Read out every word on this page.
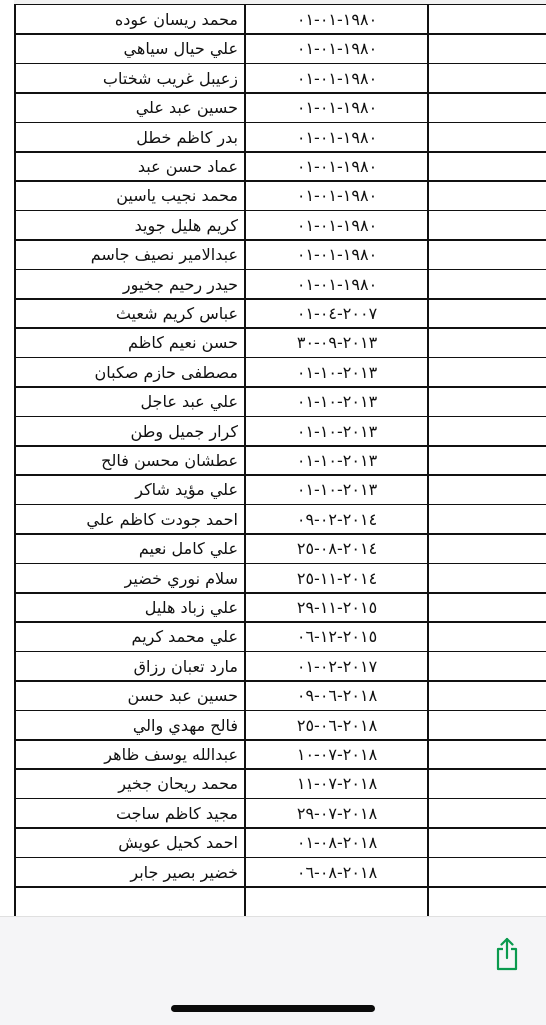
محمد ريسان عوده	١٩٨٠-٠١-٠١
علي حيال سياهي	١٩٨٠-٠١-٠١
زعيبل غريب شختاب	١٩٨٠-٠١-٠١
حسين عبد علي	١٩٨٠-٠١-٠١
بدر كاظم خطل	١٩٨٠-٠١-٠١
عماد حسن عبد	١٩٨٠-٠١-٠١
محمد نجيب ياسين	١٩٨٠-٠١-٠١
كريم هليل جويد	١٩٨٠-٠١-٠١
عبدالامير نصيف جاسم	١٩٨٠-٠١-٠١
حيدر رحيم جخيور	١٩٨٠-٠١-٠١
عباس كريم شعيث	٢٠٠٧-٠٤-٠١
حسن نعيم كاظم	٢٠١٣-٠٩-٣٠
مصطفى حازم صكبان	٢٠١٣-١٠-٠١
علي عبد عاجل	٢٠١٣-١٠-٠١
كرار جميل وطن	٢٠١٣-١٠-٠١
عطشان محسن فالح	٢٠١٣-١٠-٠١
علي مؤيد شاكر	٢٠١٣-١٠-٠١
احمد جودت كاظم علي	٢٠١٤-٠٢-٠٩
علي كامل نعيم	٢٠١٤-٠٨-٢٥
سلام نوري خضير	٢٠١٤-١١-٢٥
علي زباد هليل	٢٠١٥-١١-٢٩
علي محمد كريم	٢٠١٥-١٢-٠٦
مارد تعبان رزاق	٢٠١٧-٠٢-٠١
حسين عبد حسن	٢٠١٨-٠٦-٠٩
فالح مهدي والي	٢٠١٨-٠٦-٢٥
عبدالله يوسف ظاهر	٢٠١٨-٠٧-١٠
محمد ريحان جخير	٢٠١٨-٠٧-١١
مجيد كاظم ساجت	٢٠١٨-٠٧-٢٩
احمد كحيل عويش	٢٠١٨-٠٨-٠١
خضير بصير جابر	٢٠١٨-٠٨-٠٦
